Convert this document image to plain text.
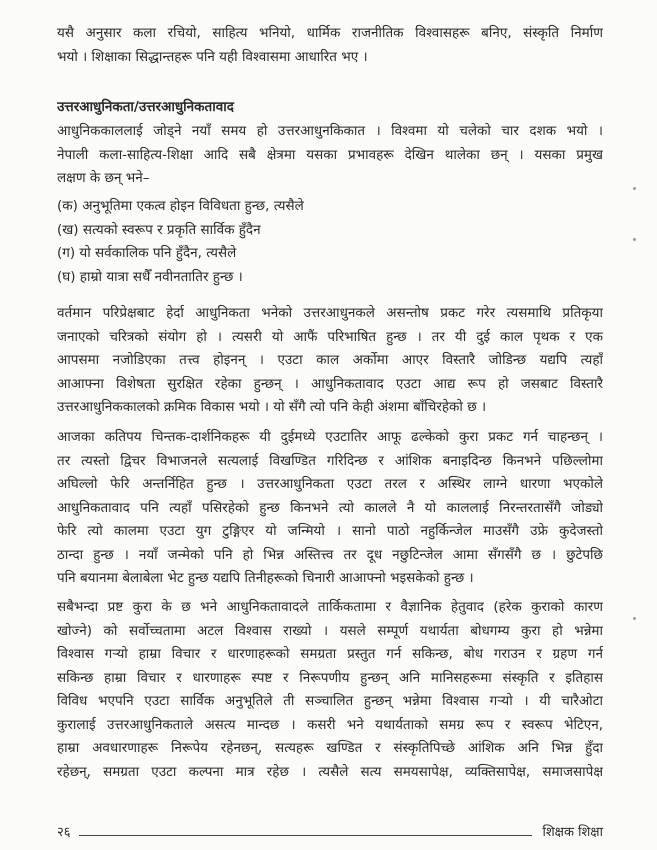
यसै अनुसार कला रचियो, साहित्य भनियो, धार्मिक राजनीतिक विश्वासहरू बनिए, संस्कृति निर्माण
भयो । शिक्षाका सिद्धान्तहरू पनि यही विश्वासमा आधारित भए ।
उत्तरआधुनिकता/उत्तरआधुनिकतावाद
आधुनिककाललाई जोड्ने नयाँ समय हो उत्तरआधुनकिकात । विश्वमा यो चलेको चार दशक भयो ।
नेपाली कला-साहित्य-शिक्षा आदि सबै क्षेत्रमा यसका प्रभावहरू देखिन थालेका छन् । यसका प्रमुख
लक्षण के छन् भने–
(क) अनुभूतिमा एकत्व होइन विविधता हुन्छ, त्यसैले
(ख) सत्यको स्वरूप र प्रकृति सार्विक हुँदैन
(ग) यो सर्वकालिक पनि हुँदैन, त्यसैले
(घ) हाम्रो यात्रा सधैँ नवीनतातिर हुन्छ ।
वर्तमान परिप्रेक्षबाट हेर्दा आधुनिकता भनेको उत्तरआधुनकले असन्तोष प्रकट गरेर त्यसमाथि प्रतिकृया
जनाएको चरित्रको संयोग हो । त्यसरी यो आफैं परिभाषित हुन्छ । तर यी दुई काल पृथक र एक
आपसमा नजोडिएका तत्त्व होइनन् । एउटा काल अर्कोमा आएर विस्तारै जोडिन्छ यद्यपि त्यहाँ
आआफ्ना विशेषता सुरक्षित रहेका हुन्छन् । आधुनिकतावाद एउटा आद्य रूप हो जसबाट विस्तारै
उत्तरआधुनिककालको क्रमिक विकास भयो । यो सँगै त्यो पनि केही अंशमा बाँचिरहेको छ ।
आजका कतिपय चिन्तक-दार्शनिकहरू यी दुईमध्ये एउटातिर आफू ढल्केको कुरा प्रकट गर्न चाहन्छन् ।
तर त्यस्तो द्विचर विभाजनले सत्यलाई विखण्डित गरिदिन्छ र आंशिक बनाइदिन्छ किनभने पछिल्लोमा
अघिल्लो फेरि अन्तर्निहित हुन्छ । उत्तरआधुनिकता एउटा तरल र अस्थिर लाग्ने धारणा भएकोले
आधुनिकतावाद पनि त्यहाँ पसिरहेको हुन्छ किनभने त्यो कालले नै यो काललाई निरन्तरतासँगै जोड्यो
फेरि त्यो कालमा एउटा युग टुङ्गिएर यो जन्मियो । सानो पाठो नहुर्किन्जेल माउसँगै उफ्रे कुदेजस्तो
ठान्दा हुन्छ । नयाँ जन्मेको पनि हो भिन्न अस्तित्त्व तर दूध नछुटिन्जेल आमा सँगसँगै छ । छुटेपछि
पनि बयानमा बेलाबेला भेट हुन्छ यद्यपि तिनीहरूको चिनारी आआफ्नो भइसकेको हुन्छ ।
सबैभन्दा प्रष्ट कुरा के छ भने आधुनिकतावादले तार्किकतामा र वैज्ञानिक हेतुवाद (हरेक कुराको कारण
खोज्ने) को सर्वोच्चतामा अटल विश्वास राख्यो । यसले सम्पूर्ण यथार्यता बोधगम्य कुरा हो भन्नेमा
विश्वास गर्‍यो हाम्रा विचार र धारणाहरूको समग्रता प्रस्तुत गर्न सकिन्छ, बोध गराउन र ग्रहण गर्न
सकिन्छ हाम्रा विचार र धारणाहरू स्पष्ट र निरूपणीय हुन्छन् अनि मानिसहरूमा संस्कृति र इतिहास
विविध भएपनि एउटा सार्विक अनुभूतिले ती सञ्चालित हुन्छन् भन्नेमा विश्वास गर्‍यो । यी चारैओटा
कुरालाई उत्तरआधुनिकताले असत्य मान्दछ । कसरी भने यथार्यताको समग्र रूप र स्वरूप भेटिएन,
हाम्रा अवधारणाहरू निरूपेय रहेनछन्, सत्यहरू खण्डित र संस्कृतिपिच्छे आंशिक अनि भिन्न हुँदा
रहेछन्, समग्रता एउटा कल्पना मात्र रहेछ । त्यसैले सत्य समयसापेक्ष, व्यक्तिसापेक्ष, समाजसापेक्ष
२६	शिक्षक शिक्षा
